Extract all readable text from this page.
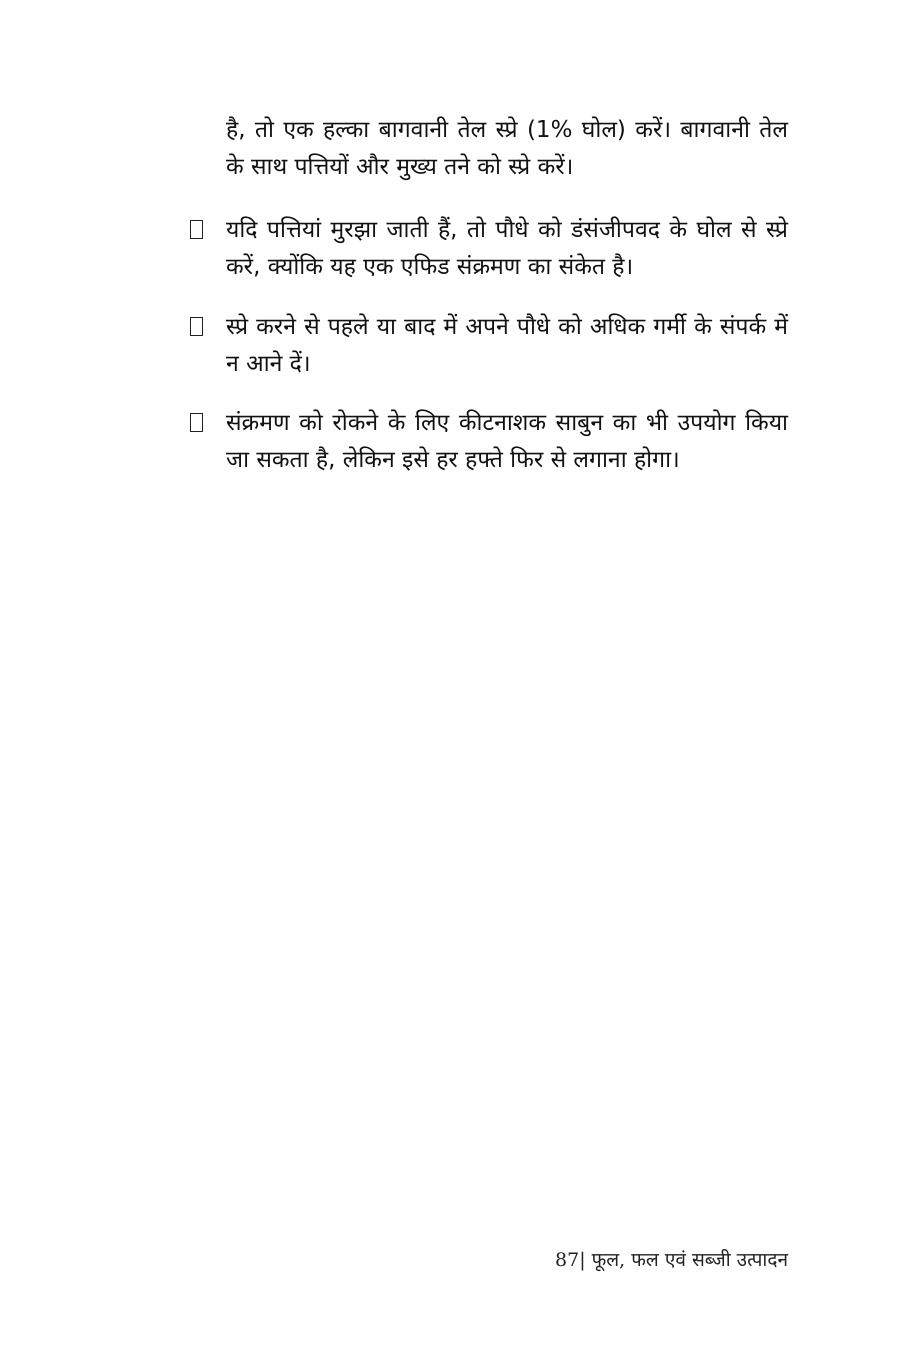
है, तो एक हल्का बागवानी तेल स्प्रे (1% घोल) करें। बागवानी तेल के साथ पत्तियों और मुख्य तने को स्प्रे करें।

यदि पत्तियां मुरझा जाती हैं, तो पौधे को डंसंजीपवद के घोल से स्प्रे करें, क्योंकि यह एक एफिड संक्रमण का संकेत है।

स्प्रे करने से पहले या बाद में अपने पौधे को अधिक गर्मी के संपर्क में न आने दें।

संक्रमण को रोकने के लिए कीटनाशक साबुन का भी उपयोग किया जा सकता है, लेकिन इसे हर हफ्ते फिर से लगाना होगा।

87| फूल, फल एवं सब्जी उत्पादन
